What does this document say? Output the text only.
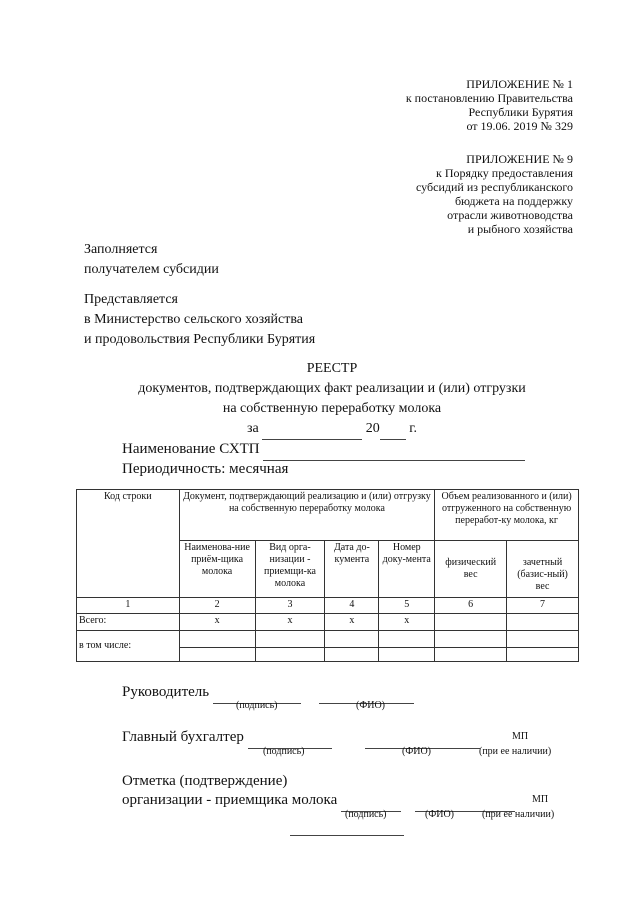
ПРИЛОЖЕНИЕ № 1
к постановлению Правительства
Республики Бурятия
от 19.06. 2019 № 329
ПРИЛОЖЕНИЕ № 9
к Порядку предоставления
субсидий из республиканского
бюджета на поддержку
отрасли животноводства
и рыбного хозяйства
Заполняется
получателем субсидии
Представляется
в Министерство сельского хозяйства
и продовольствия Республики Бурятия
РЕЕСТР
документов, подтверждающих факт реализации и (или) отгрузки
на собственную переработку молока
за	20 г.
Наименование СХТП
Периодичность: месячная
Код строки	Документ, подтверждающий реализацию и (или) отгрузку на собственную переработку молока				Объем реализованного и (или) отгруженного на собственную переработ-ку молока, кг	
	Наименова-ние приём-щика молока	Вид орга-низации - приемщи-ка молока	Дата до-кумента	Номер доку-мента	физический вес	зачетный (базис-ный) вес
1	2	3	4	5	6	7
Всего:	x	x	x	x		
в том числе:						

Руководитель
(подпись)	(ФИО)
Главный бухгалтер	МП
(подпись)	(ФИО)	(при ее наличии)
Отметка (подтверждение)
организации - приемщика молока	МП
(подпись)	(ФИО)	(при ее наличии)
